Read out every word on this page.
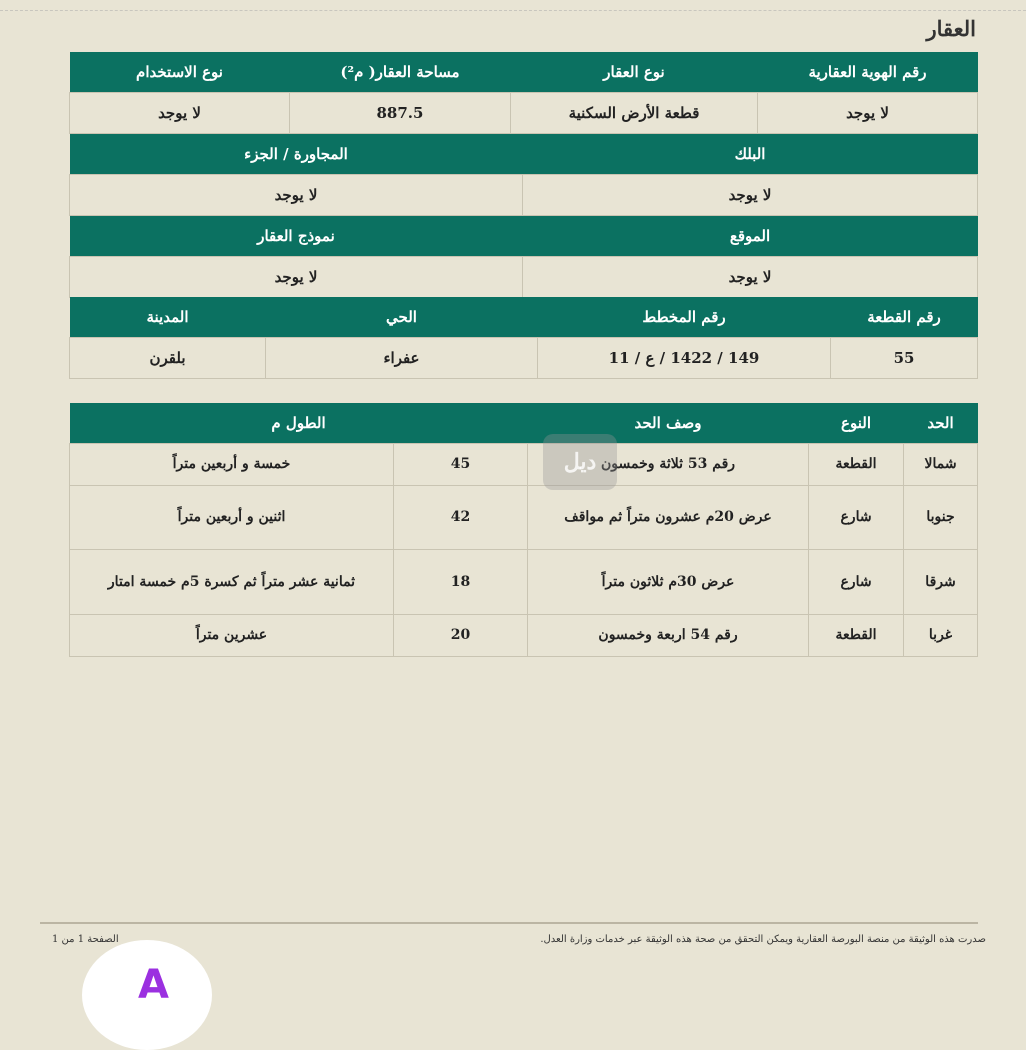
العقار
رقم الهوية العقارية	نوع العقار	مساحة العقار( م²)	نوع الاستخدام
لا يوجد	قطعة الأرض السكنية	887.5	لا يوجد
البلك	المجاورة / الجزء
لا يوجد	لا يوجد
الموقع	نموذج العقار
لا يوجد	لا يوجد
رقم القطعة	رقم المخطط	الحي	المدينة
55	149 / 1422 / ع / 11	عفراء	بلقرن
الحد	النوع	وصف الحد	الطول م	
شمالا	القطعة	رقم 53 ثلاثة وخمسون	45	خمسة و أربعين متراً
جنوبا	شارع	عرض 20م عشرون متراً ثم مواقف	42	اثنين و أربعين متراً
شرقا	شارع	عرض 30م ثلاثون متراً	18	ثمانية عشر متراً ثم كسرة 5م خمسة امتار
غربا	القطعة	رقم 54 اربعة وخمسون	20	عشرين متراً
ديل
صدرت هذه الوثيقة من منصة البورصة العقارية ويمكن التحقق من صحة هذه الوثيقة عبر خدمات وزارة العدل.
الصفحة 1 من 1
A
